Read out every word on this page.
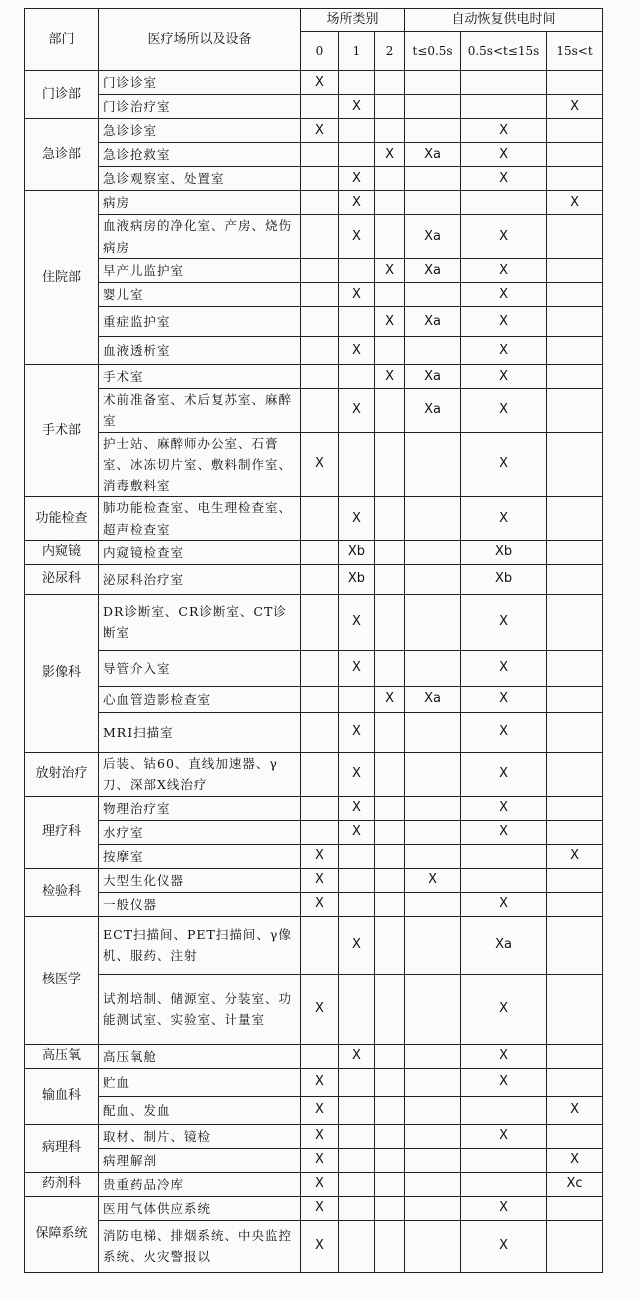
部门	医疗场所以及设备	场所类别			自动恢复供电时间		
		0	1	2	t≤0.5s	0.5s<t≤15s	15s<t
门诊部	门诊诊室	X					
	门诊治疗室		X				X
急诊部	急诊诊室	X				X	
	急诊抢救室			X	Xa	X	
	急诊观察室、处置室		X			X	
住院部	病房		X				X
	血液病房的净化室、产房、烧伤病房		X		Xa	X	
	早产儿监护室			X	Xa	X	
	婴儿室		X			X	
	重症监护室			X	Xa	X	
	血液透析室		X			X	
手术部	手术室			X	Xa	X	
	术前准备室、术后复苏室、麻醉室		X		Xa	X	
	护士站、麻醉师办公室、石膏室、冰冻切片室、敷料制作室、消毒敷料室	X				X	
功能检查	肺功能检查室、电生理检查室、超声检查室		X			X	
内窥镜	内窥镜检查室		Xb			Xb	
泌尿科	泌尿科治疗室		Xb			Xb	
影像科	DR诊断室、CR诊断室、CT诊断室		X			X	
	导管介入室		X			X	
	心血管造影检查室			X	Xa	X	
	MRI扫描室		X			X	
放射治疗	后装、钴60、直线加速器、γ刀、深部X线治疗		X			X	
理疗科	物理治疗室		X			X	
	水疗室		X			X	
	按摩室	X					X
检验科	大型生化仪器	X			X		
	一般仪器	X				X	
核医学	ECT扫描间、PET扫描间、γ像机、服药、注射		X			Xa	
	试剂培制、储源室、分装室、功能测试室、实验室、计量室	X				X	
高压氧	高压氧舱		X			X	
输血科	贮血	X				X	
	配血、发血	X					X
病理科	取材、制片、镜检	X				X	
	病理解剖	X					X
药剂科	贵重药品冷库	X					Xc
保障系统	医用气体供应系统	X				X	
	消防电梯、排烟系统、中央监控系统、火灾警报以	X				X	
